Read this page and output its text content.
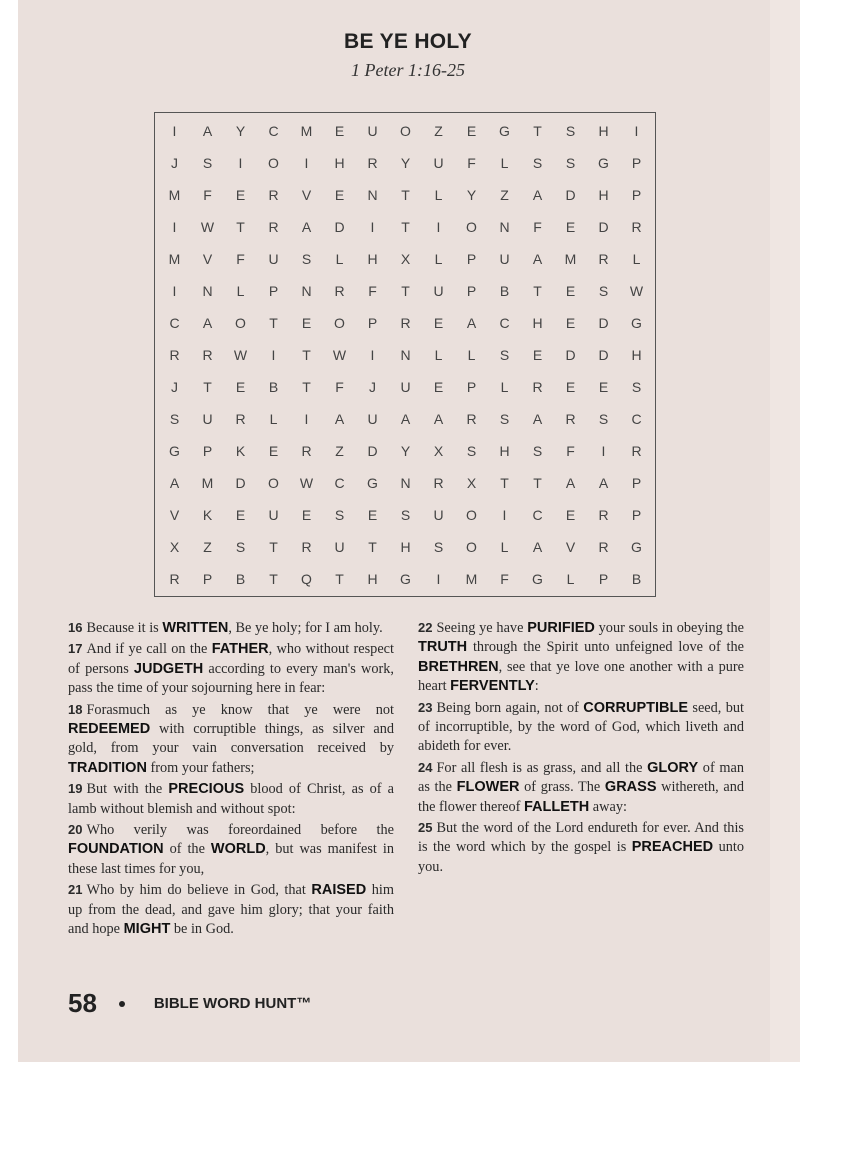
BE YE HOLY
1 Peter 1:16-25
I	A	Y	C	M	E	U	O	Z	E	G	T	S	H	I
J	S	I	O	I	H	R	Y	U	F	L	S	S	G	P
M	F	E	R	V	E	N	T	L	Y	Z	A	D	H	P
I	W	T	R	A	D	I	T	I	O	N	F	E	D	R
M	V	F	U	S	L	H	X	L	P	U	A	M	R	L
I	N	L	P	N	R	F	T	U	P	B	T	E	S	W
C	A	O	T	E	O	P	R	E	A	C	H	E	D	G
R	R	W	I	T	W	I	N	L	L	S	E	D	D	H
J	T	E	B	T	F	J	U	E	P	L	R	E	E	S
S	U	R	L	I	A	U	A	A	R	S	A	R	S	C
G	P	K	E	R	Z	D	Y	X	S	H	S	F	I	R
A	M	D	O	W	C	G	N	R	X	T	T	A	A	P
V	K	E	U	E	S	E	S	U	O	I	C	E	R	P
X	Z	S	T	R	U	T	H	S	O	L	A	V	R	G
R	P	B	T	Q	T	H	G	I	M	F	G	L	P	B
16 Because it is WRITTEN, Be ye holy; for I am holy.
17 And if ye call on the FATHER, who without respect of persons JUDGETH according to every man's work, pass the time of your sojourning here in fear:
18 Forasmuch as ye know that ye were not REDEEMED with corruptible things, as silver and gold, from your vain conversation received by TRADITION from your fathers;
19 But with the PRECIOUS blood of Christ, as of a lamb without blemish and without spot:
20 Who verily was foreordained before the FOUNDATION of the WORLD, but was manifest in these last times for you,
21 Who by him do believe in God, that RAISED him up from the dead, and gave him glory; that your faith and hope MIGHT be in God.
22 Seeing ye have PURIFIED your souls in obeying the TRUTH through the Spirit unto unfeigned love of the BRETHREN, see that ye love one another with a pure heart FERVENTLY:
23 Being born again, not of CORRUPTIBLE seed, but of incorruptible, by the word of God, which liveth and abideth for ever.
24 For all flesh is as grass, and all the GLORY of man as the FLOWER of grass. The GRASS withereth, and the flower thereof FALLETH away:
25 But the word of the Lord endureth for ever. And this is the word which by the gospel is PREACHED unto you.
58	BIBLE WORD HUNT™
